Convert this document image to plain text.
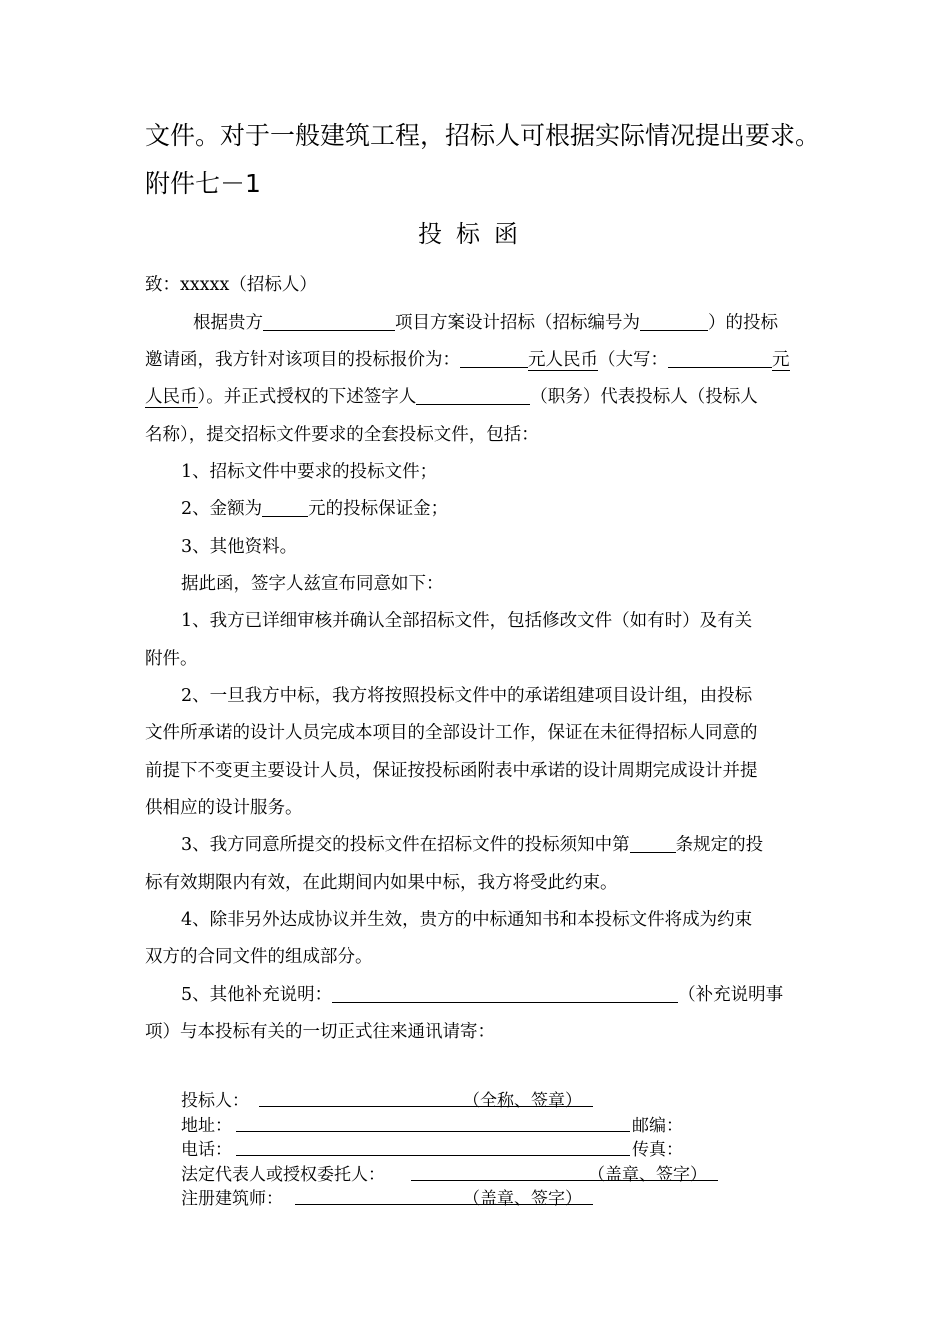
文件。对于一般建筑工程，招标人可根据实际情况提出要求。
附件七－1
投标函
致：xxxxx（招标人）
根据贵方	项目方案设计招标（招标编号为	）的投标
邀请函，我方针对该项目的投标报价为：	元人民币（大写：	元
人民币）。并正式授权的下述签字人	（职务）代表投标人（投标人
名称），提交招标文件要求的全套投标文件，包括：
1、招标文件中要求的投标文件；
2、金额为	元的投标保证金；
3、其他资料。
据此函，签字人兹宣布同意如下：
1、我方已详细审核并确认全部招标文件，包括修改文件（如有时）及有关
附件。
2、一旦我方中标，我方将按照投标文件中的承诺组建项目设计组，由投标
文件所承诺的设计人员完成本项目的全部设计工作，保证在未征得招标人同意的
前提下不变更主要设计人员，保证按投标函附表中承诺的设计周期完成设计并提
供相应的设计服务。
3、我方同意所提交的投标文件在招标文件的投标须知中第	条规定的投
标有效期限内有效，在此期间内如果中标，我方将受此约束。
4、除非另外达成协议并生效，贵方的中标通知书和本投标文件将成为约束
双方的合同文件的组成部分。
5、其他补充说明：	（补充说明事
项）与本投标有关的一切正式往来通讯请寄：
投标人：	（全称、签章）
地址：	邮编：
电话：	传真：
法定代表人或授权委托人：	（盖章、签字）
注册建筑师：	（盖章、签字）
